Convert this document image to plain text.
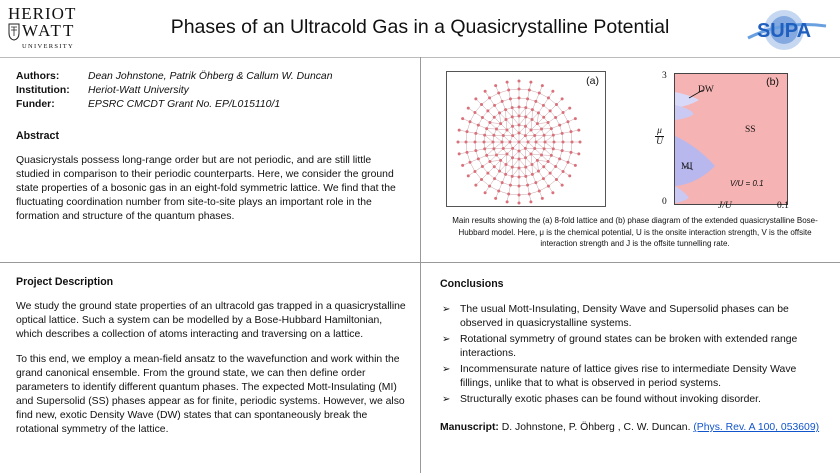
HERIOT
WATT
UNIVERSITY
Phases of an Ultracold Gas in a Quasicrystalline Potential	SUPA
Authors:	Dean Johnstone, Patrik Öhberg & Callum W. Duncan
Institution:	Heriot-Watt University
Funder:	EPSRC CMCDT Grant No. EP/L015110/1
Abstract

Quasicrystals possess long-range order but are not periodic, and are still little studied in comparison to their periodic counterparts. Here, we consider the ground state properties of a bosonic gas in an eight-fold symmetric lattice. We find that the fluctuating coordination number from site-to-site plays an important role in the formation and structure of the quantum phases.

(a)	3
0
$\frac{\mu}{U}$
(b)
DW
SS
MI
V/U = 0.1
J/U	0.1
Main results showing the (a) 8-fold lattice and (b) phase diagram of the extended quasicrystalline Bose-Hubbard model. Here, μ is the chemical potential, U is the onsite interaction strength, V is the offsite interaction strength and J is the offsite tunnelling rate.
Project Description

We study the ground state properties of an ultracold gas trapped in a quasicrystalline optical lattice. Such a system can be modelled by a Bose-Hubbard Hamiltonian, which describes a collection of atoms interacting and traversing on a lattice.

To this end, we employ a mean-field ansatz to the wavefunction and work within the grand canonical ensemble. From the ground state, we can then define order parameters to identify different quantum phases. The expected Mott-Insulating (MI) and Supersolid (SS) phases appear as for finite, periodic systems. However, we also find new, exotic Density Wave (DW) states that can spontaneously break the rotational symmetry of the lattice.

Conclusions
➢ The usual Mott-Insulating, Density Wave and Supersolid phases can be observed in quasicrystalline systems.
➢ Rotational symmetry of ground states can be broken with extended range interactions.
➢ Incommensurate nature of lattice gives rise to intermediate Density Wave fillings, unlike that to what is observed in period systems.
➢ Structurally exotic phases can be found without invoking disorder.

Manuscript: D. Johnstone, P. Öhberg , C. W. Duncan. (Phys. Rev. A 100, 053609)
